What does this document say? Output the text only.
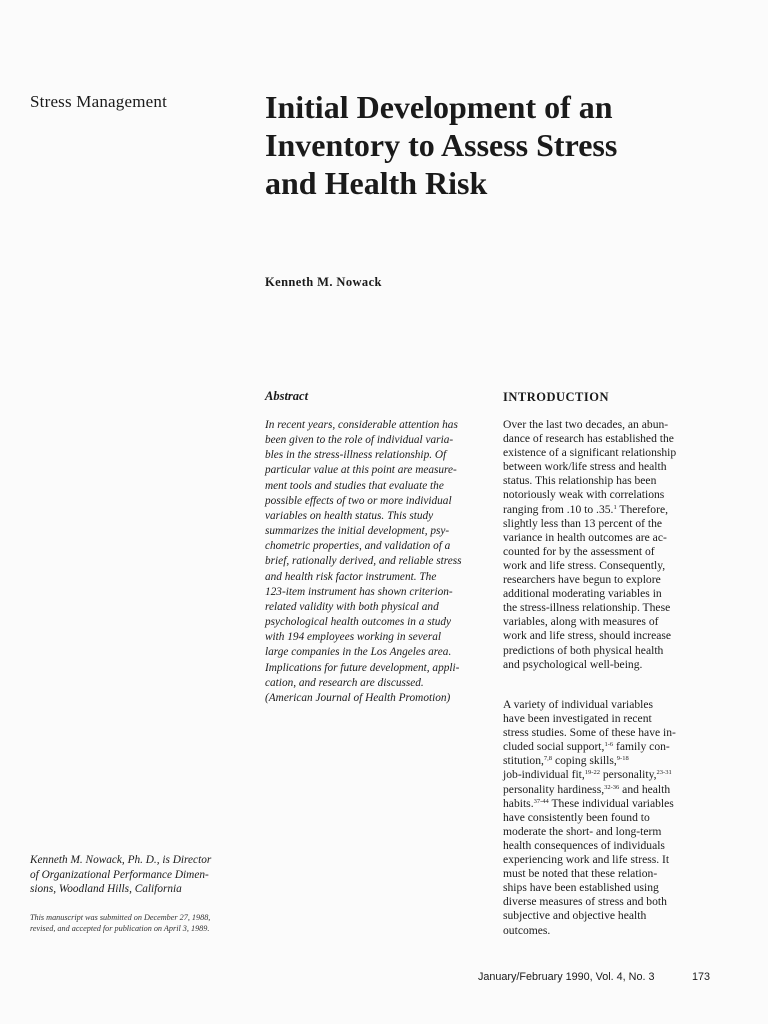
Stress Management	Initial Development of an
Inventory to Assess Stress
and Health Risk
Kenneth M. Nowack
Abstract
In recent years, considerable attention has
been given to the role of individual varia-
bles in the stress-illness relationship. Of
particular value at this point are measure-
ment tools and studies that evaluate the
possible effects of two or more individual
variables on health status. This study
summarizes the initial development, psy-
chometric properties, and validation of a
brief, rationally derived, and reliable stress
and health risk factor instrument. The
123-item instrument has shown criterion-
related validity with both physical and
psychological health outcomes in a study
with 194 employees working in several
large companies in the Los Angeles area.
Implications for future development, appli-
cation, and research are discussed.
(American Journal of Health Promotion)
INTRODUCTION
Over the last two decades, an abun-
dance of research has established the
existence of a significant relationship
between work/life stress and health
status. This relationship has been
notoriously weak with correlations
ranging from .10 to .35.$^1$ Therefore,
slightly less than 13 percent of the
variance in health outcomes are ac-
counted for by the assessment of
work and life stress. Consequently,
researchers have begun to explore
additional moderating variables in
the stress-illness relationship. These
variables, along with measures of
work and life stress, should increase
predictions of both physical health
and psychological well-being.
A variety of individual variables
have been investigated in recent
stress studies. Some of these have in-
cluded social support,$^{1-6}$ family con-
stitution,$^{7,8}$ coping skills,$^{9-18}$
job-individual fit,$^{19-22}$ personality,$^{23-31}$
personality hardiness,$^{32-36}$ and health
habits.$^{37-44}$ These individual variables
have consistently been found to
moderate the short- and long-term
health consequences of individuals
experiencing work and life stress. It
must be noted that these relation-
ships have been established using
diverse measures of stress and both
subjective and objective health
outcomes.
Kenneth M. Nowack, Ph. D., is Director
of Organizational Performance Dimen-
sions, Woodland Hills, California
This manuscript was submitted on December 27, 1988,
revised, and accepted for publication on April 3, 1989.
January/February 1990, Vol. 4, No. 3	173
